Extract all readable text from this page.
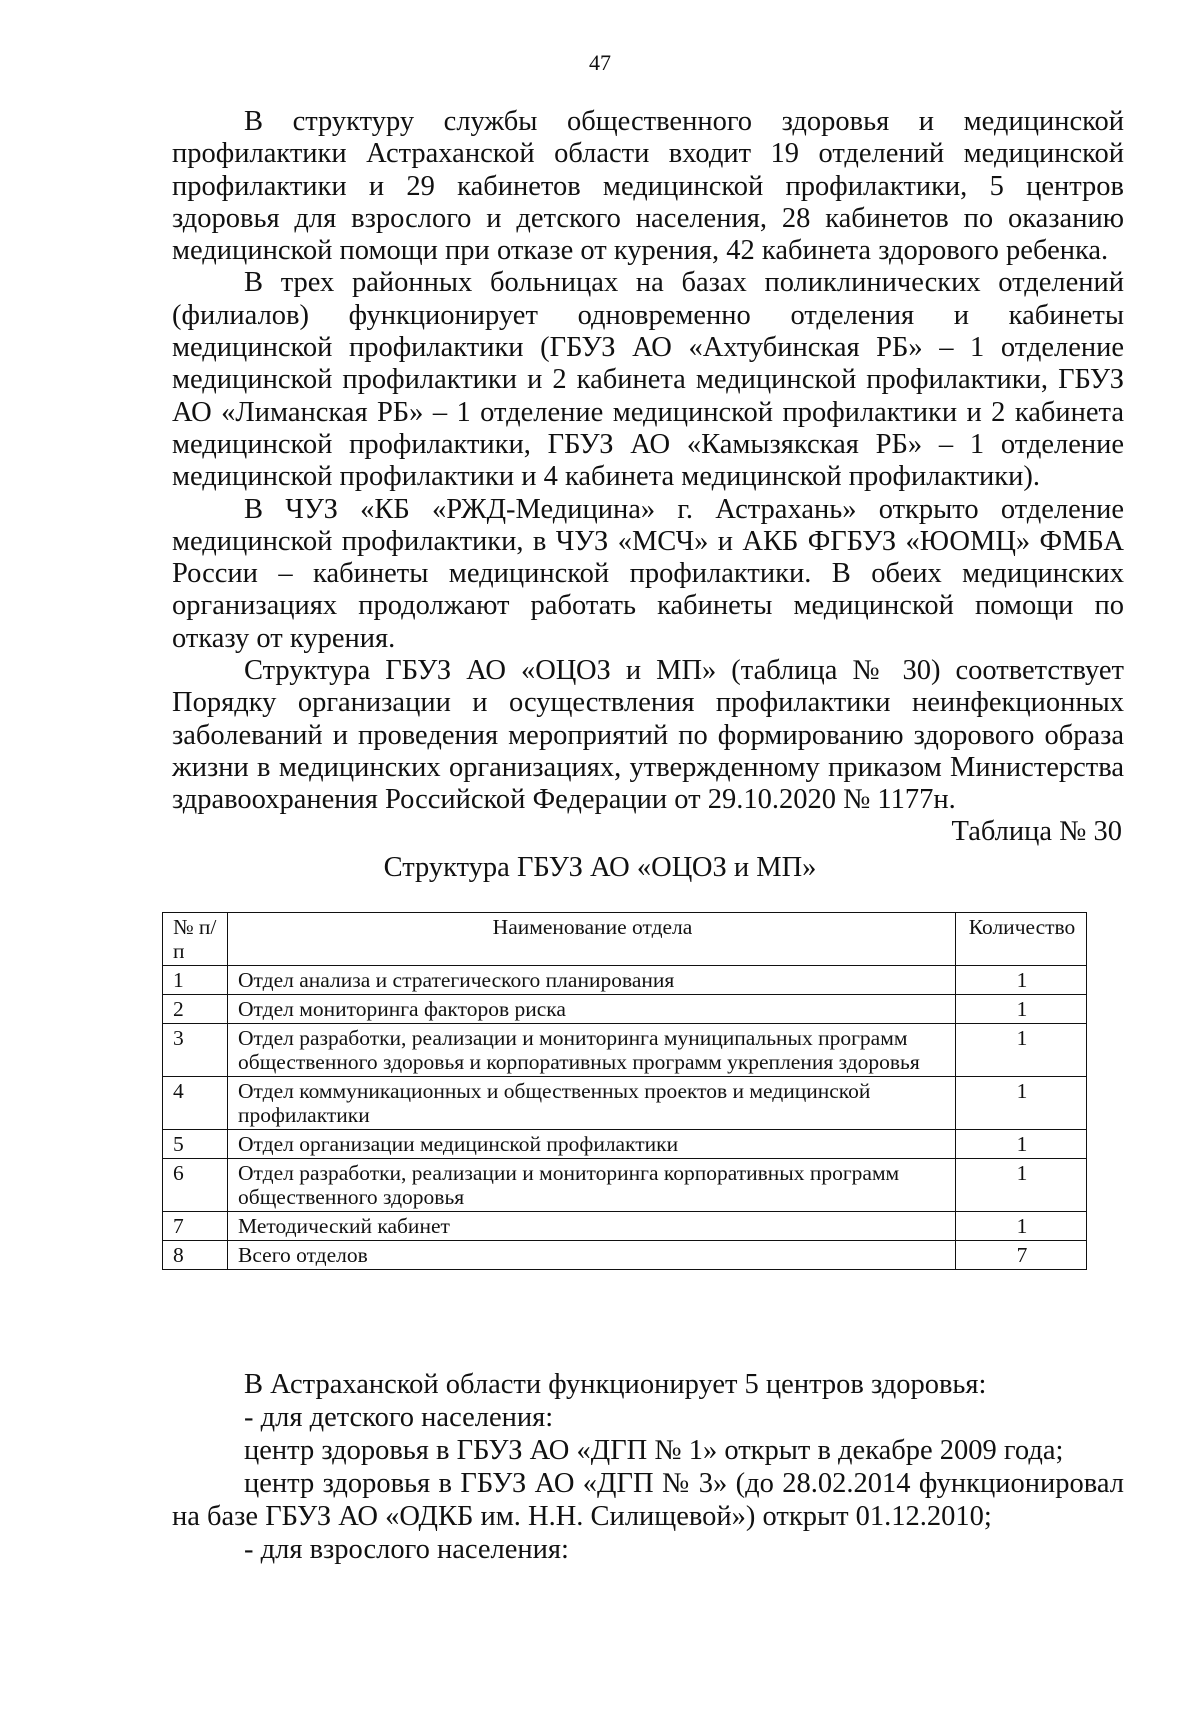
47

В структуру службы общественного здоровья и медицинской профилактики Астраханской области входит 19 отделений медицинской профилактики и 29 кабинетов медицинской профилактики, 5 центров здоровья для взрослого и детского населения, 28 кабинетов по оказанию медицинской помощи при отказе от курения, 42 кабинета здорового ребенка.

В трех районных больницах на базах поликлинических отделений (филиалов) функционирует одновременно отделения и кабинеты медицинской профилактики (ГБУЗ АО «Ахтубинская РБ» – 1 отделение медицинской профилактики и 2 кабинета медицинской профилактики, ГБУЗ АО «Лиманская РБ» – 1 отделение медицинской профилактики и 2 кабинета медицинской профилактики, ГБУЗ АО «Камызякская РБ» – 1 отделение медицинской профилактики и 4 кабинета медицинской профилактики).

В ЧУЗ «КБ «РЖД-Медицина» г. Астрахань» открыто отделение медицинской профилактики, в ЧУЗ «МСЧ» и АКБ ФГБУЗ «ЮОМЦ» ФМБА России – кабинеты медицинской профилактики. В обеих медицинских организациях продолжают работать кабинеты медицинской помощи по отказу от курения.

Структура ГБУЗ АО «ОЦОЗ и МП» (таблица № 30) соответствует Порядку организации и осуществления профилактики неинфекционных заболеваний и проведения мероприятий по формированию здорового образа жизни в медицинских организациях, утвержденному приказом Министерства здравоохранения Российской Федерации от 29.10.2020 № 1177н.

Таблица № 30
Структура ГБУЗ АО «ОЦОЗ и МП»
№ п/п	Наименование отдела	Количество
1	Отдел анализа и стратегического планирования	1
2	Отдел мониторинга факторов риска	1
3	Отдел разработки, реализации и мониторинга муниципальных программ общественного здоровья и корпоративных программ укрепления здоровья	1
4	Отдел коммуникационных и общественных проектов и медицинской профилактики	1
5	Отдел организации медицинской профилактики	1
6	Отдел разработки, реализации и мониторинга корпоративных программ общественного здоровья	1
7	Методический кабинет	1
8	Всего отделов	7

В Астраханской области функционирует 5 центров здоровья:

- для детского населения:

центр здоровья в ГБУЗ АО «ДГП № 1» открыт в декабре 2009 года;

центр здоровья в ГБУЗ АО «ДГП № 3» (до 28.02.2014 функционировал на базе ГБУЗ АО «ОДКБ им. Н.Н. Силищевой») открыт 01.12.2010;

- для взрослого населения:
